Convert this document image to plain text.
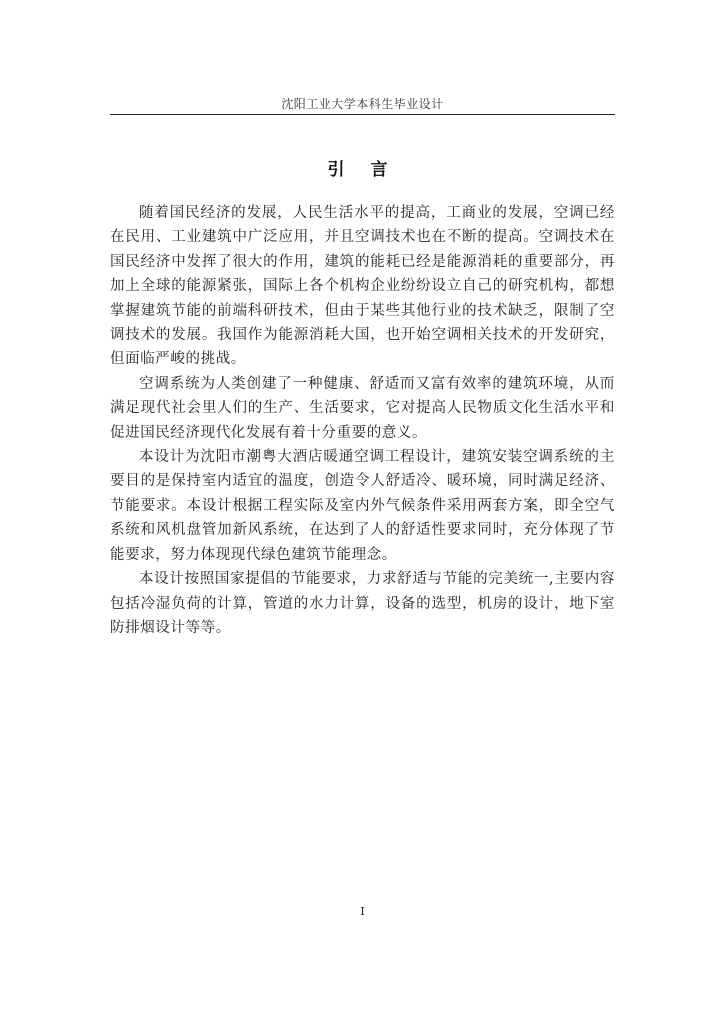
沈阳工业大学本科生毕业设计
引 言

随着国民经济的发展，人民生活水平的提高，工商业的发展，空调已经在民用、工业建筑中广泛应用，并且空调技术也在不断的提高。空调技术在国民经济中发挥了很大的作用，建筑的能耗已经是能源消耗的重要部分，再加上全球的能源紧张，国际上各个机构企业纷纷设立自己的研究机构，都想掌握建筑节能的前端科研技术，但由于某些其他行业的技术缺乏，限制了空调技术的发展。我国作为能源消耗大国，也开始空调相关技术的开发研究，但面临严峻的挑战。

空调系统为人类创建了一种健康、舒适而又富有效率的建筑环境，从而满足现代社会里人们的生产、生活要求，它对提高人民物质文化生活水平和促进国民经济现代化发展有着十分重要的意义。

本设计为沈阳市潮粤大酒店暖通空调工程设计，建筑安装空调系统的主要目的是保持室内适宜的温度，创造令人舒适冷、暖环境，同时满足经济、节能要求。本设计根据工程实际及室内外气候条件采用两套方案，即全空气系统和风机盘管加新风系统，在达到了人的舒适性要求同时，充分体现了节能要求，努力体现现代绿色建筑节能理念。

本设计按照国家提倡的节能要求，力求舒适与节能的完美统一,主要内容包括冷湿负荷的计算，管道的水力计算，设备的选型，机房的设计，地下室防排烟设计等等。

I
